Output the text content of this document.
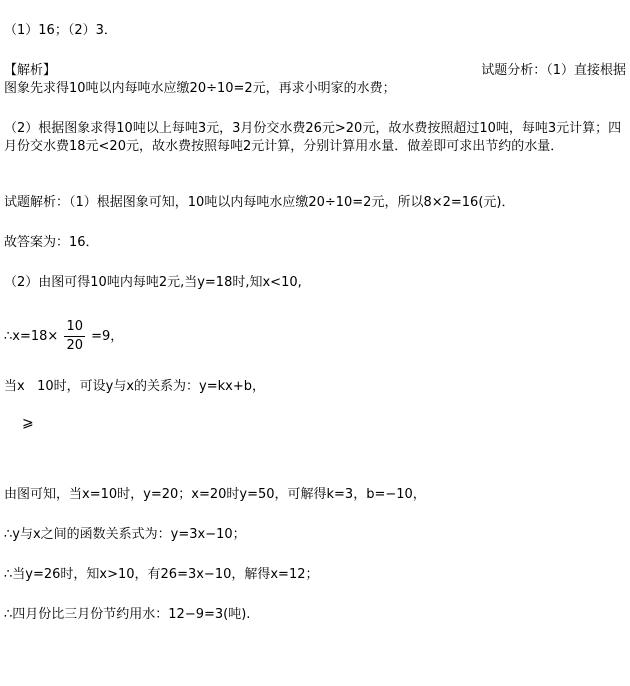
（1）16；（2）3．
【解析】	试题分析：（1）直接根据
图象先求得10吨以内每吨水应缴20÷10=2元，再求小明家的水费；
（2）根据图象求得10吨以上每吨3元，3月份交水费26元>20元，故水费按照超过10吨，每吨3元计算；四月份交水费18元<20元，故水费按照每吨2元计算，分别计算用水量．做差即可求出节约的水量．
试题解析：（1）根据图象可知，10吨以内每吨水应缴20÷10=2元，所以8×2=16(元)．
故答案为：16．
（2）由图可得10吨内每吨2元,当y=18时,知x<10,
∴x=18× $\frac{10}{20} =9$，
当x   10时，可设y与x的关系为：y=kx+b，
⩾
由图可知，当x=10时，y=20；x=20时y=50，可解得k=3，b=−10，
∴y与x之间的函数关系式为：y=3x−10；
∴当y=26时，知x>10，有26=3x−10，解得x=12；
∴四月份比三月份节约用水：12−9=3(吨).
